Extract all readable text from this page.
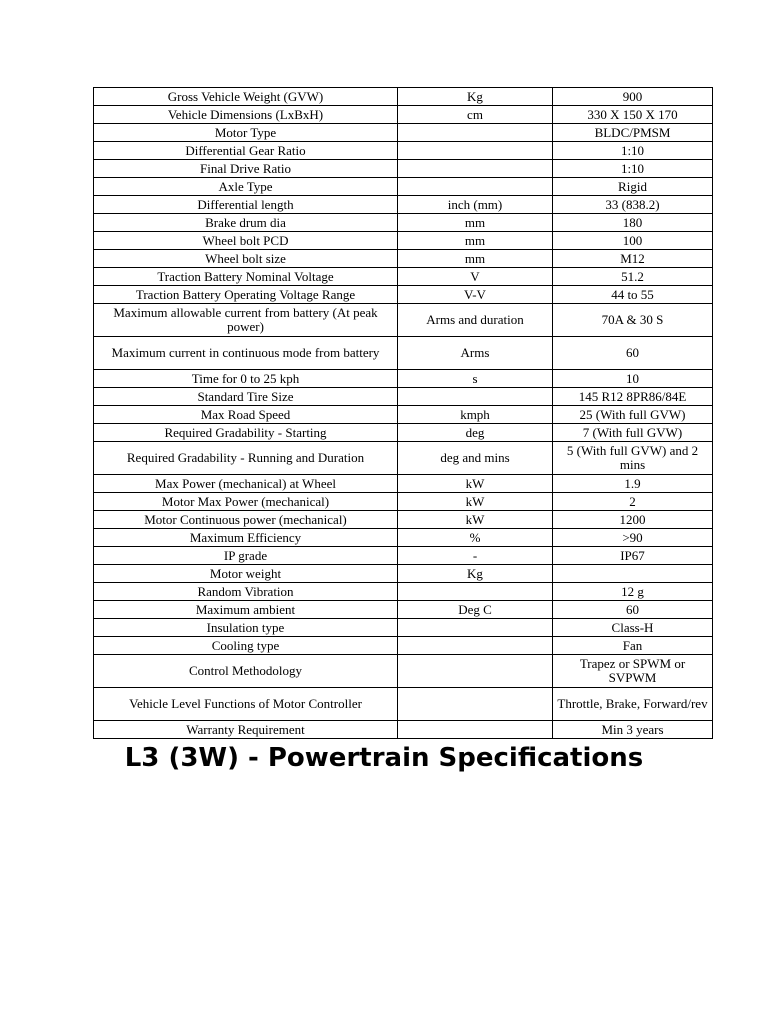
Gross Vehicle Weight (GVW)	Kg	900
Vehicle Dimensions (LxBxH)	cm	330 X 150 X 170
Motor Type		BLDC/PMSM
Differential Gear Ratio		1:10
Final Drive Ratio		1:10
Axle Type		Rigid
Differential length	inch (mm)	33 (838.2)
Brake drum dia	mm	180
Wheel bolt PCD	mm	100
Wheel bolt size	mm	M12
Traction Battery Nominal Voltage	V	51.2
Traction Battery Operating Voltage Range	V-V	44 to 55
Maximum allowable current from battery (At peak power)	Arms and duration	70A & 30 S
Maximum current in continuous mode from battery	Arms	60
Time for 0 to 25 kph	s	10
Standard Tire Size		145 R12 8PR86/84E
Max Road Speed	kmph	25 (With full GVW)
Required Gradability - Starting	deg	7 (With full GVW)
Required Gradability - Running and Duration	deg and mins	5 (With full GVW) and 2 mins
Max Power (mechanical) at Wheel	kW	1.9
Motor Max Power (mechanical)	kW	2
Motor Continuous power (mechanical)	kW	1200
Maximum Efficiency	%	>90
IP grade	-	IP67
Motor weight	Kg	
Random Vibration		12 g
Maximum ambient	Deg C	60
Insulation type		Class-H
Cooling type		Fan
Control Methodology		Trapez or SPWM or SVPWM
Vehicle Level Functions of Motor Controller		Throttle, Brake, Forward/rev
Warranty Requirement		Min 3 years
L3 (3W) - Powertrain Specifications
